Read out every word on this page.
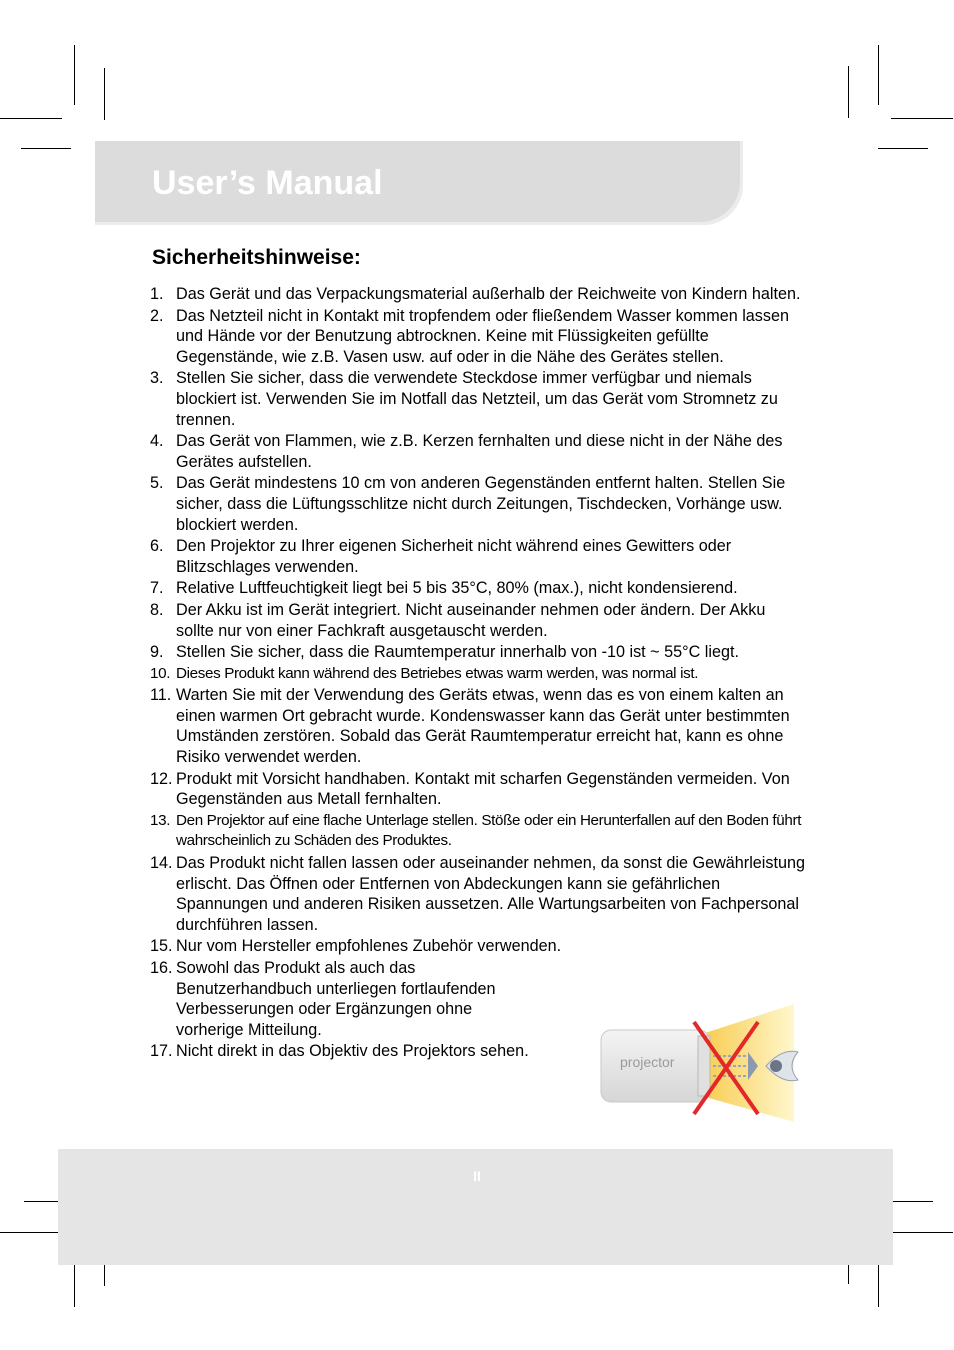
User’s Manual
Sicherheitshinweise:
1. Das Gerät und das Verpackungsmaterial außerhalb der Reichweite von Kindern halten.
2. Das Netzteil nicht in Kontakt mit tropfendem oder fließendem Wasser kommen lassen und Hände vor der Benutzung abtrocknen. Keine mit Flüssigkeiten gefüllte Gegenstände, wie z.B. Vasen usw. auf oder in die Nähe des Gerätes stellen.
3. Stellen Sie sicher, dass die verwendete Steckdose immer verfügbar und niemals blockiert ist. Verwenden Sie im Notfall das Netzteil, um das Gerät vom Stromnetz zu trennen.
4. Das Gerät von Flammen, wie z.B. Kerzen fernhalten und diese nicht in der Nähe des Gerätes aufstellen.
5. Das Gerät mindestens 10 cm von anderen Gegenständen entfernt halten. Stellen Sie sicher, dass die Lüftungsschlitze nicht durch Zeitungen, Tischdecken, Vorhänge usw. blockiert werden.
6. Den Projektor zu Ihrer eigenen Sicherheit nicht während eines Gewitters oder Blitzschlages verwenden.
7. Relative Luftfeuchtigkeit liegt bei 5 bis 35°C, 80% (max.), nicht kondensierend.
8. Der Akku ist im Gerät integriert. Nicht auseinander nehmen oder ändern. Der Akku sollte nur von einer Fachkraft ausgetauscht werden.
9. Stellen Sie sicher, dass die Raumtemperatur innerhalb von -10 ist ~ 55°C liegt.
10. Dieses Produkt kann während des Betriebes etwas warm werden, was normal ist.
11. Warten Sie mit der Verwendung des Geräts etwas, wenn das es von einem kalten an einen warmen Ort gebracht wurde. Kondenswasser kann das Gerät unter bestimmten Umständen zerstören. Sobald das Gerät Raumtemperatur erreicht hat, kann es ohne Risiko verwendet werden.
12. Produkt mit Vorsicht handhaben. Kontakt mit scharfen Gegenständen vermeiden. Von Gegenständen aus Metall fernhalten.
13. Den Projektor auf eine flache Unterlage stellen. Stöße oder ein Herunterfallen auf den Boden führt wahrscheinlich zu Schäden des Produktes.
14. Das Produkt nicht fallen lassen oder auseinander nehmen, da sonst die Gewährleistung erlischt. Das Öffnen oder Entfernen von Abdeckungen kann sie gefährlichen Spannungen und anderen Risiken aussetzen. Alle Wartungsarbeiten von Fachpersonal durchführen lassen.
15. Nur vom Hersteller empfohlenes Zubehör verwenden.
16. Sowohl das Produkt als auch das Benutzerhandbuch unterliegen fortlaufenden Verbesserungen oder Ergänzungen ohne vorherige Mitteilung.
17. Nicht direkt in das Objektiv des Projektors sehen.
projector
II
